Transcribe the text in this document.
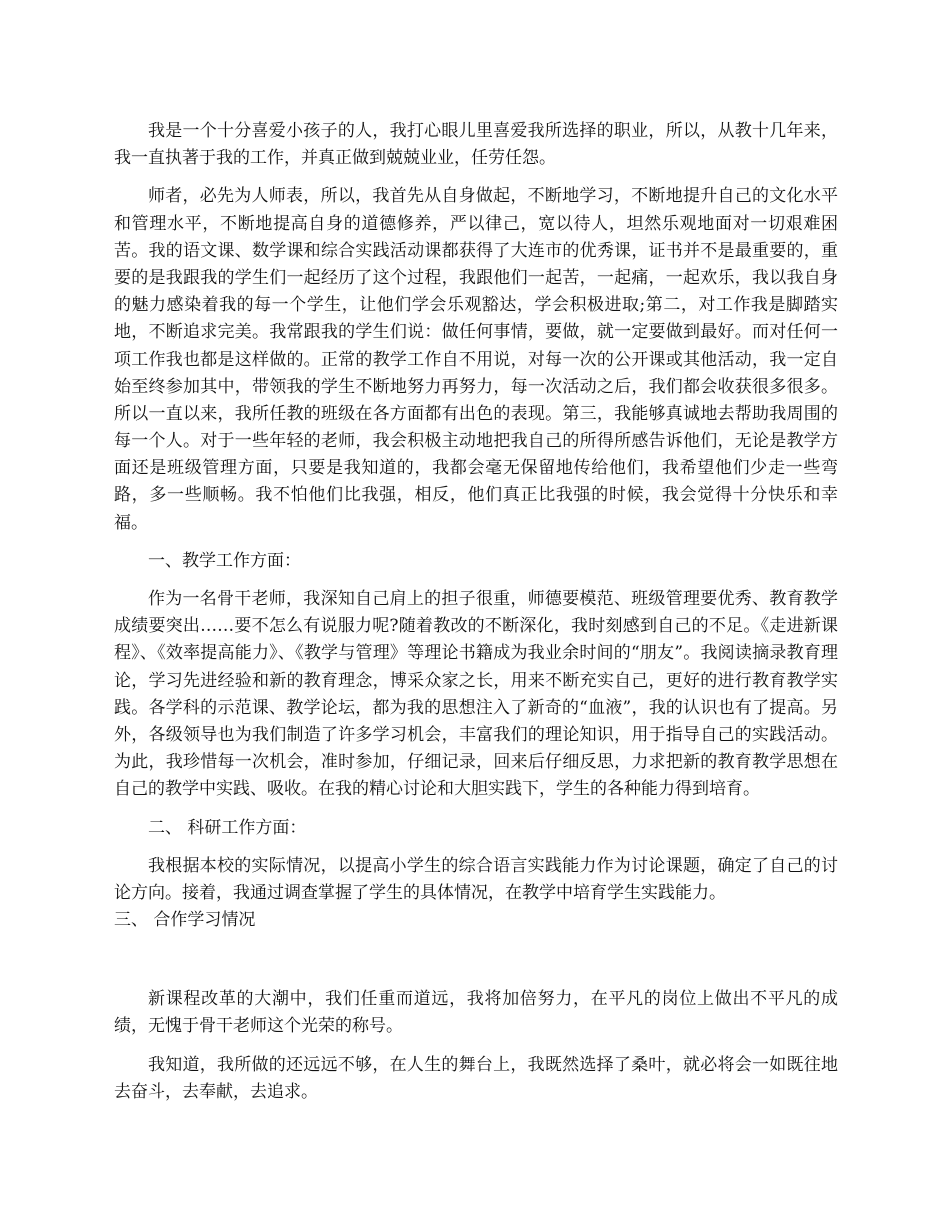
我是一个十分喜爱小孩子的人，我打心眼儿里喜爱我所选择的职业，所以，从教十几年来，我一直执著于我的工作，并真正做到兢兢业业，任劳任怨。

师者，必先为人师表，所以，我首先从自身做起，不断地学习，不断地提升自己的文化水平和管理水平，不断地提高自身的道德修养，严以律己，宽以待人，坦然乐观地面对一切艰难困苦。我的语文课、数学课和综合实践活动课都获得了大连市的优秀课，证书并不是最重要的，重要的是我跟我的学生们一起经历了这个过程，我跟他们一起苦，一起痛，一起欢乐，我以我自身的魅力感染着我的每一个学生，让他们学会乐观豁达，学会积极进取;第二，对工作我是脚踏实地，不断追求完美。我常跟我的学生们说：做任何事情，要做，就一定要做到最好。而对任何一项工作我也都是这样做的。正常的教学工作自不用说，对每一次的公开课或其他活动，我一定自始至终参加其中，带领我的学生不断地努力再努力，每一次活动之后，我们都会收获很多很多。所以一直以来，我所任教的班级在各方面都有出色的表现。第三，我能够真诚地去帮助我周围的每一个人。对于一些年轻的老师，我会积极主动地把我自己的所得所感告诉他们，无论是教学方面还是班级管理方面，只要是我知道的，我都会毫无保留地传给他们，我希望他们少走一些弯路，多一些顺畅。我不怕他们比我强，相反，他们真正比我强的时候，我会觉得十分快乐和幸福。

一、教学工作方面：

作为一名骨干老师，我深知自己肩上的担子很重，师德要模范、班级管理要优秀、教育教学成绩要突出……要不怎么有说服力呢?随着教改的不断深化，我时刻感到自己的不足。《走进新课程》、《效率提高能力》、《教学与管理》等理论书籍成为我业余时间的“朋友”。我阅读摘录教育理论，学习先进经验和新的教育理念，博采众家之长，用来不断充实自己，更好的进行教育教学实践。各学科的示范课、教学论坛，都为我的思想注入了新奇的“血液”，我的认识也有了提高。另外，各级领导也为我们制造了许多学习机会，丰富我们的理论知识，用于指导自己的实践活动。为此，我珍惜每一次机会，准时参加，仔细记录，回来后仔细反思，力求把新的教育教学思想在自己的教学中实践、吸收。在我的精心讨论和大胆实践下，学生的各种能力得到培育。

二、 科研工作方面：

我根据本校的实际情况，以提高小学生的综合语言实践能力作为讨论课题，确定了自己的讨论方向。接着，我通过调查掌握了学生的具体情况，在教学中培育学生实践能力。

三、 合作学习情况

新课程改革的大潮中，我们任重而道远，我将加倍努力，在平凡的岗位上做出不平凡的成绩，无愧于骨干老师这个光荣的称号。

我知道，我所做的还远远不够，在人生的舞台上，我既然选择了桑叶，就必将会一如既往地去奋斗，去奉献，去追求。
